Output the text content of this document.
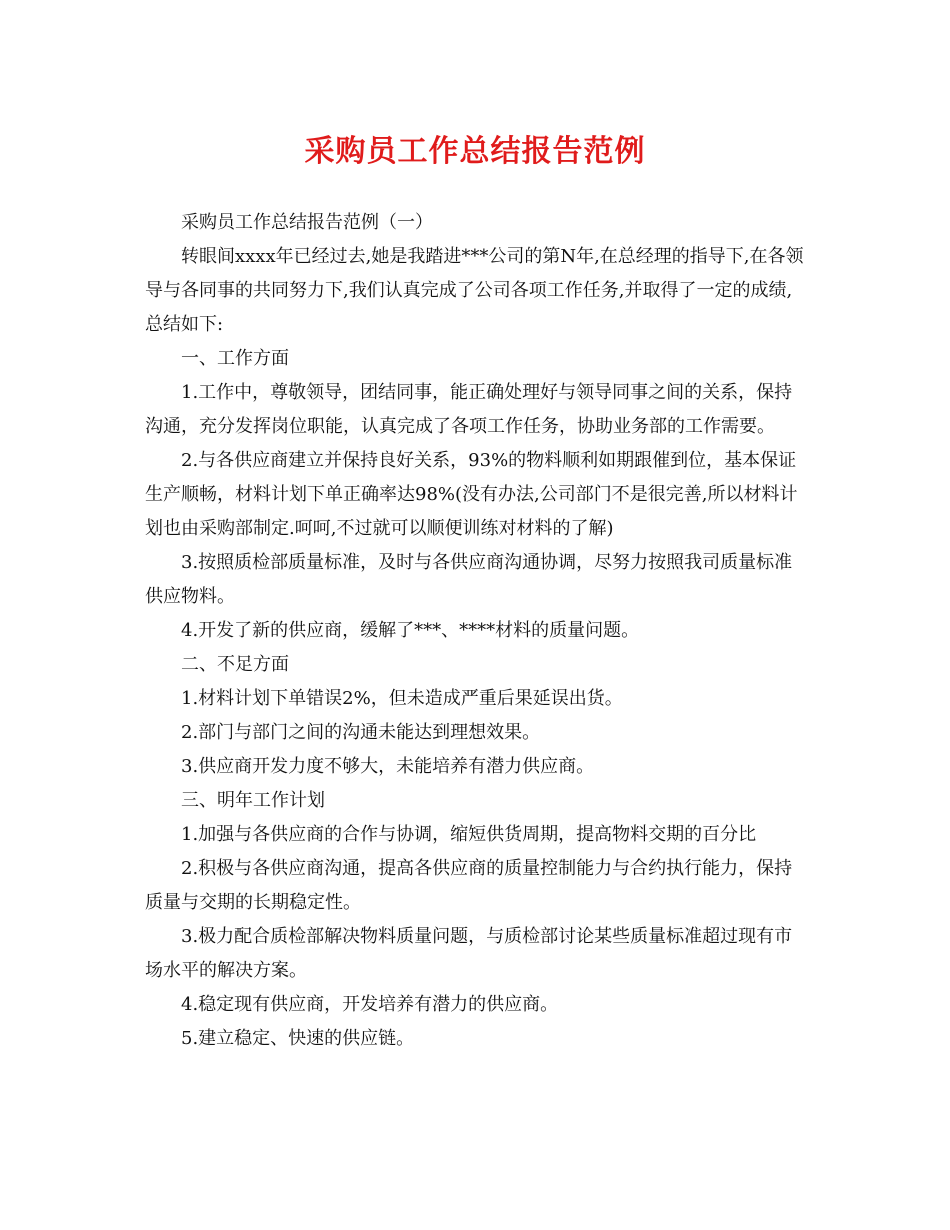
采购员工作总结报告范例

采购员工作总结报告范例（一）

转眼间xxxx年已经过去,她是我踏进***公司的第N年,在总经理的指导下,在各领导与各同事的共同努力下,我们认真完成了公司各项工作任务,并取得了一定的成绩,总结如下:

一、工作方面

1.工作中，尊敬领导，团结同事，能正确处理好与领导同事之间的关系，保持沟通，充分发挥岗位职能，认真完成了各项工作任务，协助业务部的工作需要。

2.与各供应商建立并保持良好关系，93%的物料顺利如期跟催到位，基本保证生产顺畅，材料计划下单正确率达98%(没有办法,公司部门不是很完善,所以材料计划也由采购部制定.呵呵,不过就可以顺便训练对材料的了解)

3.按照质检部质量标准，及时与各供应商沟通协调，尽努力按照我司质量标准供应物料。

4.开发了新的供应商，缓解了***、****材料的质量问题。

二、不足方面

1.材料计划下单错误2%，但未造成严重后果延误出货。

2.部门与部门之间的沟通未能达到理想效果。

3.供应商开发力度不够大，未能培养有潜力供应商。

三、明年工作计划

1.加强与各供应商的合作与协调，缩短供货周期，提高物料交期的百分比

2.积极与各供应商沟通，提高各供应商的质量控制能力与合约执行能力，保持质量与交期的长期稳定性。

3.极力配合质检部解决物料质量问题，与质检部讨论某些质量标准超过现有市场水平的解决方案。

4.稳定现有供应商，开发培养有潜力的供应商。

5.建立稳定、快速的供应链。
